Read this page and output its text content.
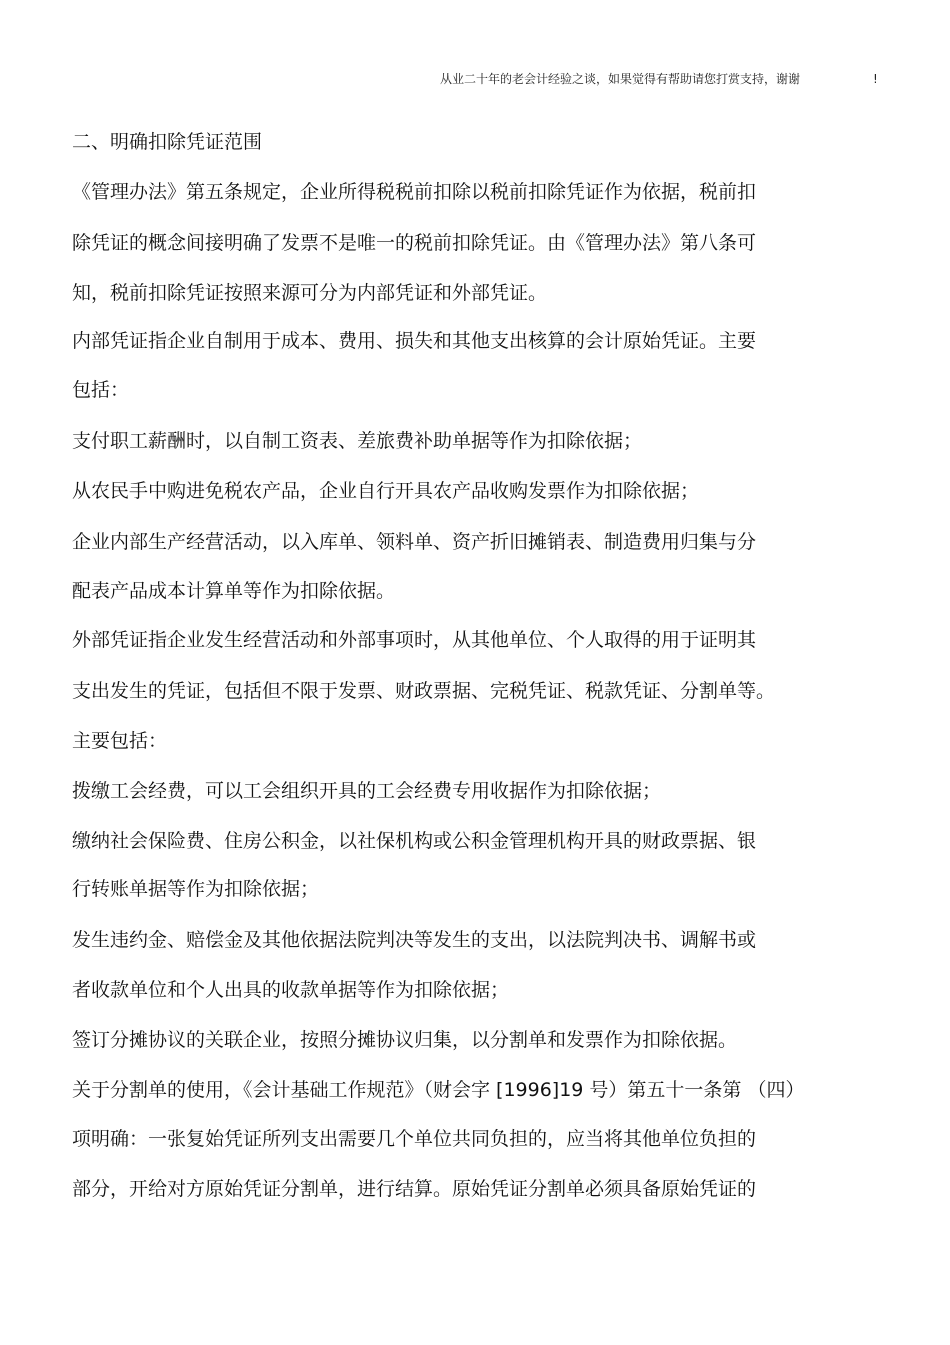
从业二十年的老会计经验之谈，如果觉得有帮助请您打赏支持，谢谢	!
二、明确扣除凭证范围
《管理办法》第五条规定，企业所得税税前扣除以税前扣除凭证作为依据，税前扣
除凭证的概念间接明确了发票不是唯一的税前扣除凭证。由《管理办法》第八条可
知，税前扣除凭证按照来源可分为内部凭证和外部凭证。
内部凭证指企业自制用于成本、费用、损失和其他支出核算的会计原始凭证。主要
包括：
支付职工薪酬时，以自制工资表、差旅费补助单据等作为扣除依据；
从农民手中购进免税农产品，企业自行开具农产品收购发票作为扣除依据；
企业内部生产经营活动，以入库单、领料单、资产折旧摊销表、制造费用归集与分
配表产品成本计算单等作为扣除依据。
外部凭证指企业发生经营活动和外部事项时，从其他单位、个人取得的用于证明其
支出发生的凭证，包括但不限于发票、财政票据、完税凭证、税款凭证、分割单等。
主要包括：
拨缴工会经费，可以工会组织开具的工会经费专用收据作为扣除依据；
缴纳社会保险费、住房公积金，以社保机构或公积金管理机构开具的财政票据、银
行转账单据等作为扣除依据；
发生违约金、赔偿金及其他依据法院判决等发生的支出，以法院判决书、调解书或
者收款单位和个人出具的收款单据等作为扣除依据；
签订分摊协议的关联企业，按照分摊协议归集，以分割单和发票作为扣除依据。
关于分割单的使用，《会计基础工作规范》（财会字 [1996]19 号）第五十一条第 （四）
项明确：一张复始凭证所列支出需要几个单位共同负担的，应当将其他单位负担的
部分，开给对方原始凭证分割单，进行结算。原始凭证分割单必须具备原始凭证的
